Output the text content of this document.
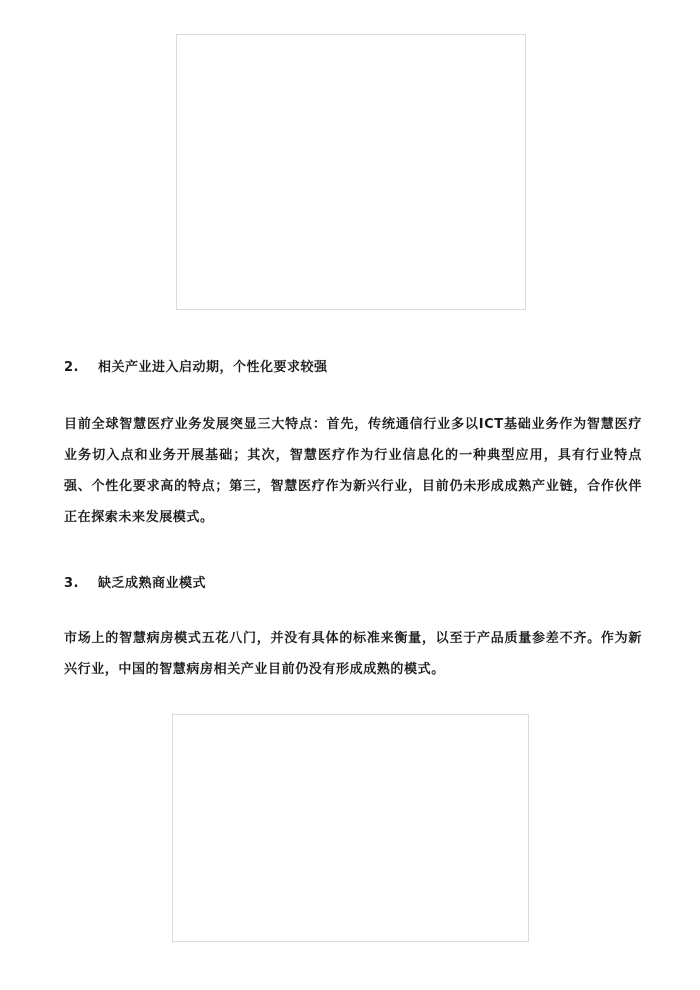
2. 相关产业进入启动期，个性化要求较强

目前全球智慧医疗业务发展突显三大特点：首先，传统通信行业多以ICT基础业务作为智慧医疗业务切入点和业务开展基础；其次，智慧医疗作为行业信息化的一种典型应用，具有行业特点强、个性化要求高的特点；第三，智慧医疗作为新兴行业，目前仍未形成成熟产业链，合作伙伴正在探索未来发展模式。

3. 缺乏成熟商业模式

市场上的智慧病房模式五花八门，并没有具体的标准来衡量，以至于产品质量参差不齐。作为新兴行业，中国的智慧病房相关产业目前仍没有形成成熟的模式。
